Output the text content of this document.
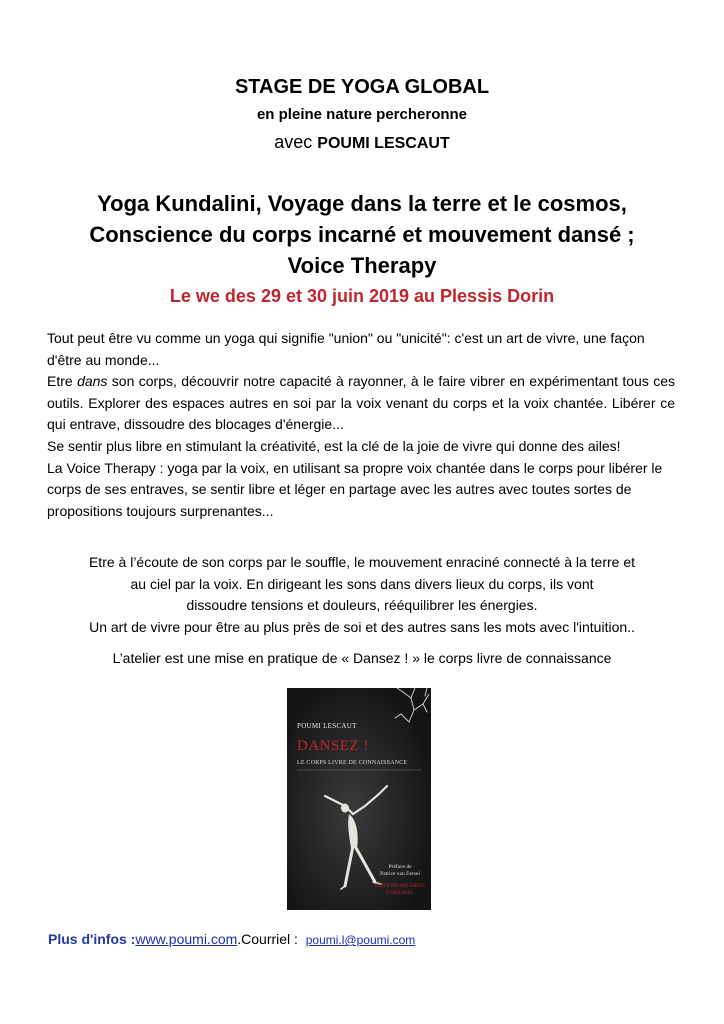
STAGE DE YOGA GLOBAL
en pleine nature percheronne
avec POUMI LESCAUT
Yoga Kundalini, Voyage dans la terre et le cosmos,
Conscience du corps incarné et mouvement dansé ;
Voice Therapy
Le we des 29 et 30 juin 2019 au Plessis Dorin

Tout peut être vu comme un yoga qui signifie "union" ou "unicité": c'est un art de vivre, une façon d'être au monde...

Etre dans son corps, découvrir notre capacité à rayonner, à le faire vibrer en expérimentant tous ces outils. Explorer des espaces autres en soi par la voix venant du corps et la voix chantée. Libérer ce qui entrave, dissoudre des blocages d'énergie...

Se sentir plus libre en stimulant la créativité, est la clé de la joie de vivre qui donne des ailes!

La Voice Therapy : yoga par la voix, en utilisant sa propre voix chantée dans le corps pour libérer le corps de ses entraves, se sentir libre et léger en partage avec les autres avec toutes sortes de propositions toujours surprenantes...

Etre à l’écoute de son corps par le souffle, le mouvement enraciné connecté à la terre et

au ciel par la voix. En dirigeant les sons dans divers lieux du corps, ils vont

dissoudre tensions et douleurs, rééquilibrer les énergies.

Un art de vivre pour être au plus près de soi et des autres sans les mots avec l'intuition..

L’atelier est une mise en pratique de « Dansez ! » le corps livre de connaissance
POUMI LESCAUT
DANSEZ !
LE CORPS LIVRE DE CONNAISSANCE
Préface de
Patrice van Eersel
ÉDITIONS AQUARIUS
L'ORIGINEL
Plus d'infos :www.poumi.com.Courriel :  poumi.l@poumi.com
